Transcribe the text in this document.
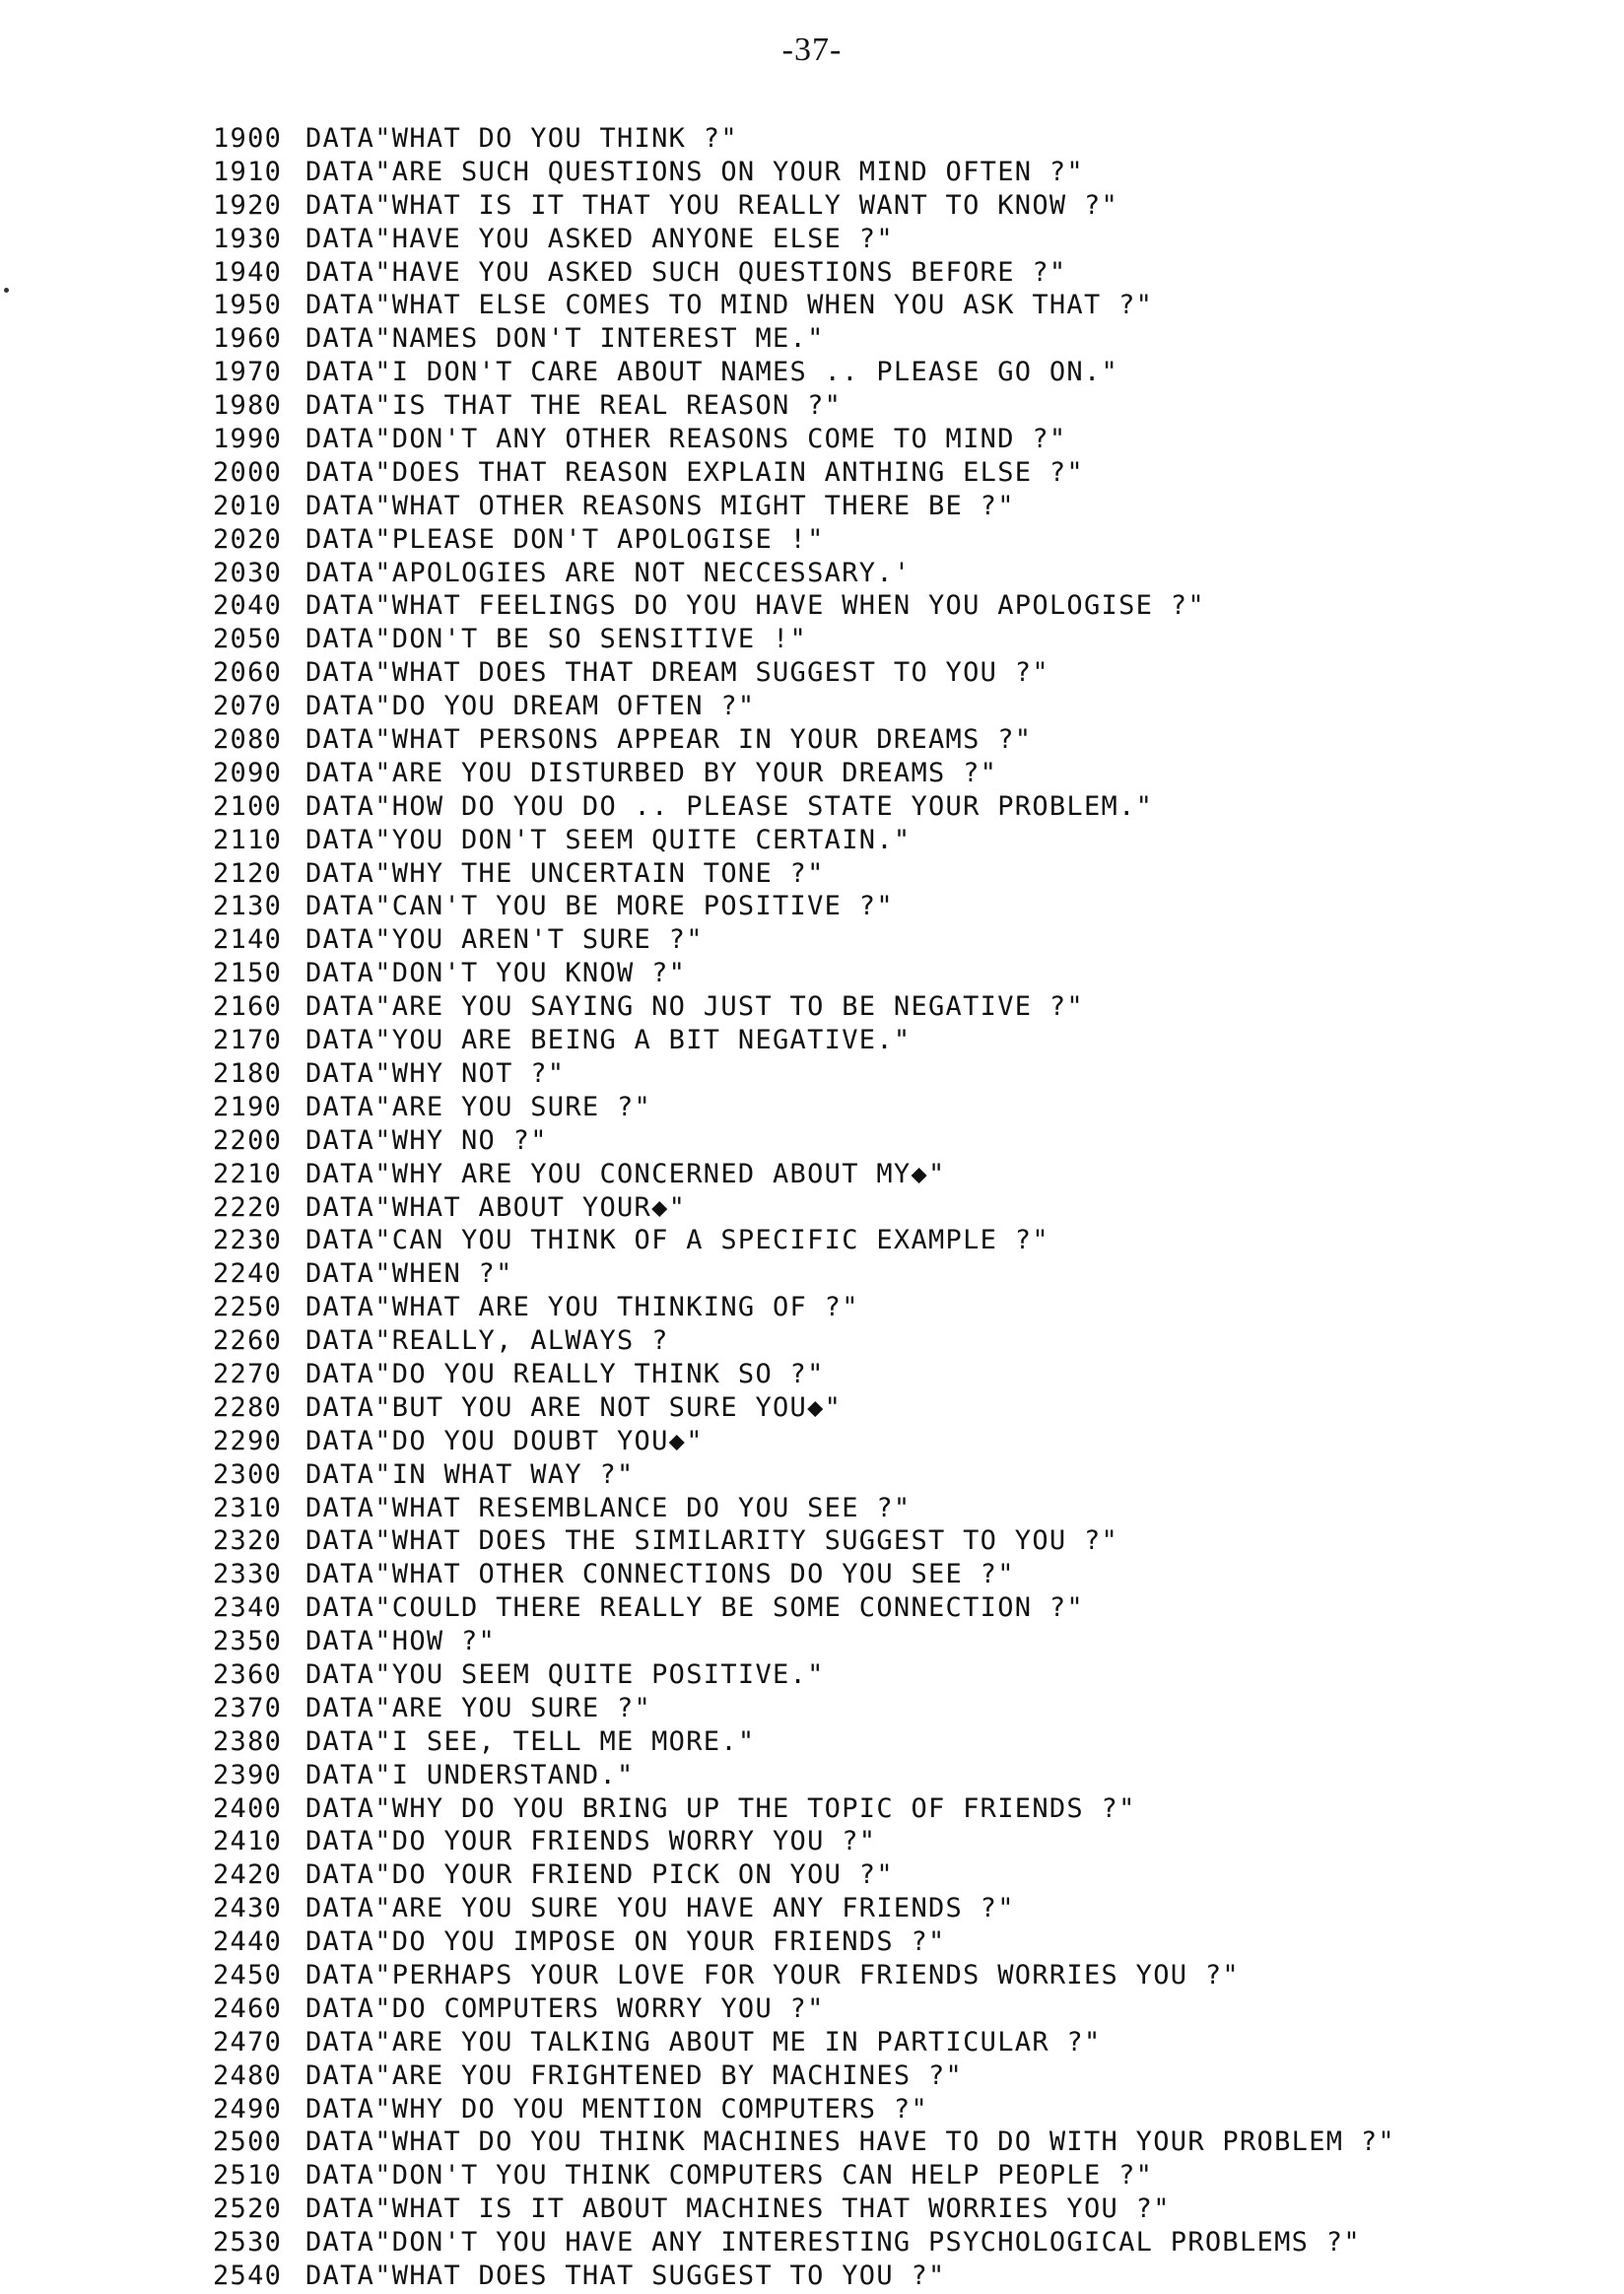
-37-
1900 DATA"WHAT DO YOU THINK ?"
1910 DATA"ARE SUCH QUESTIONS ON YOUR MIND OFTEN ?"
1920 DATA"WHAT IS IT THAT YOU REALLY WANT TO KNOW ?"
1930 DATA"HAVE YOU ASKED ANYONE ELSE ?"
1940 DATA"HAVE YOU ASKED SUCH QUESTIONS BEFORE ?"
1950 DATA"WHAT ELSE COMES TO MIND WHEN YOU ASK THAT ?"
1960 DATA"NAMES DON'T INTEREST ME."
1970 DATA"I DON'T CARE ABOUT NAMES .. PLEASE GO ON."
1980 DATA"IS THAT THE REAL REASON ?"
1990 DATA"DON'T ANY OTHER REASONS COME TO MIND ?"
2000 DATA"DOES THAT REASON EXPLAIN ANTHING ELSE ?"
2010 DATA"WHAT OTHER REASONS MIGHT THERE BE ?"
2020 DATA"PLEASE DON'T APOLOGISE !"
2030 DATA"APOLOGIES ARE NOT NECCESSARY.'
2040 DATA"WHAT FEELINGS DO YOU HAVE WHEN YOU APOLOGISE ?"
2050 DATA"DON'T BE SO SENSITIVE !"
2060 DATA"WHAT DOES THAT DREAM SUGGEST TO YOU ?"
2070 DATA"DO YOU DREAM OFTEN ?"
2080 DATA"WHAT PERSONS APPEAR IN YOUR DREAMS ?"
2090 DATA"ARE YOU DISTURBED BY YOUR DREAMS ?"
2100 DATA"HOW DO YOU DO .. PLEASE STATE YOUR PROBLEM."
2110 DATA"YOU DON'T SEEM QUITE CERTAIN."
2120 DATA"WHY THE UNCERTAIN TONE ?"
2130 DATA"CAN'T YOU BE MORE POSITIVE ?"
2140 DATA"YOU AREN'T SURE ?"
2150 DATA"DON'T YOU KNOW ?"
2160 DATA"ARE YOU SAYING NO JUST TO BE NEGATIVE ?"
2170 DATA"YOU ARE BEING A BIT NEGATIVE."
2180 DATA"WHY NOT ?"
2190 DATA"ARE YOU SURE ?"
2200 DATA"WHY NO ?"
2210 DATA"WHY ARE YOU CONCERNED ABOUT MY◆"
2220 DATA"WHAT ABOUT YOUR◆"
2230 DATA"CAN YOU THINK OF A SPECIFIC EXAMPLE ?"
2240 DATA"WHEN ?"
2250 DATA"WHAT ARE YOU THINKING OF ?"
2260 DATA"REALLY, ALWAYS ?
2270 DATA"DO YOU REALLY THINK SO ?"
2280 DATA"BUT YOU ARE NOT SURE YOU◆"
2290 DATA"DO YOU DOUBT YOU◆"
2300 DATA"IN WHAT WAY ?"
2310 DATA"WHAT RESEMBLANCE DO YOU SEE ?"
2320 DATA"WHAT DOES THE SIMILARITY SUGGEST TO YOU ?"
2330 DATA"WHAT OTHER CONNECTIONS DO YOU SEE ?"
2340 DATA"COULD THERE REALLY BE SOME CONNECTION ?"
2350 DATA"HOW ?"
2360 DATA"YOU SEEM QUITE POSITIVE."
2370 DATA"ARE YOU SURE ?"
2380 DATA"I SEE, TELL ME MORE."
2390 DATA"I UNDERSTAND."
2400 DATA"WHY DO YOU BRING UP THE TOPIC OF FRIENDS ?"
2410 DATA"DO YOUR FRIENDS WORRY YOU ?"
2420 DATA"DO YOUR FRIEND PICK ON YOU ?"
2430 DATA"ARE YOU SURE YOU HAVE ANY FRIENDS ?"
2440 DATA"DO YOU IMPOSE ON YOUR FRIENDS ?"
2450 DATA"PERHAPS YOUR LOVE FOR YOUR FRIENDS WORRIES YOU ?"
2460 DATA"DO COMPUTERS WORRY YOU ?"
2470 DATA"ARE YOU TALKING ABOUT ME IN PARTICULAR ?"
2480 DATA"ARE YOU FRIGHTENED BY MACHINES ?"
2490 DATA"WHY DO YOU MENTION COMPUTERS ?"
2500 DATA"WHAT DO YOU THINK MACHINES HAVE TO DO WITH YOUR PROBLEM ?"
2510 DATA"DON'T YOU THINK COMPUTERS CAN HELP PEOPLE ?"
2520 DATA"WHAT IS IT ABOUT MACHINES THAT WORRIES YOU ?"
2530 DATA"DON'T YOU HAVE ANY INTERESTING PSYCHOLOGICAL PROBLEMS ?"
2540 DATA"WHAT DOES THAT SUGGEST TO YOU ?"
